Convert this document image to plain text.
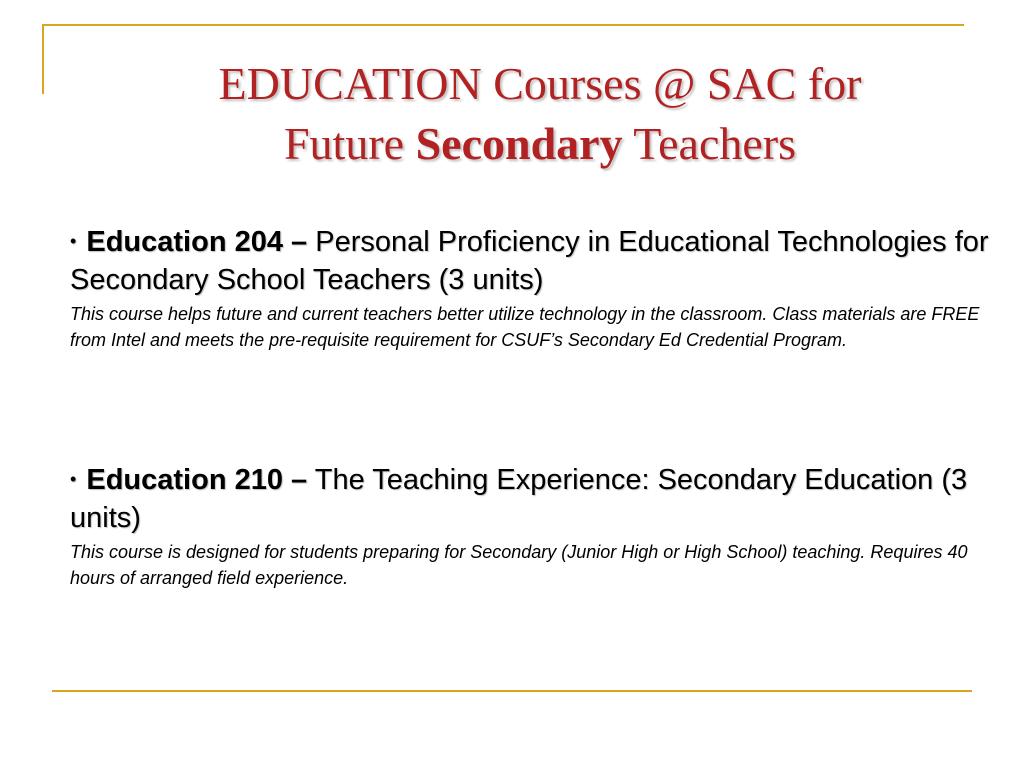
EDUCATION Courses @ SAC for
Future Secondary Teachers
• Education 204 – Personal Proficiency in Educational Technologies for Secondary School Teachers (3 units)
This course helps future and current teachers better utilize technology in the classroom. Class materials are FREE from Intel and meets the pre-requisite requirement for CSUF’s Secondary Ed Credential Program.
• Education 210 – The Teaching Experience: Secondary Education (3 units)
This course is designed for students preparing for Secondary (Junior High or High School) teaching. Requires 40 hours of arranged field experience.
